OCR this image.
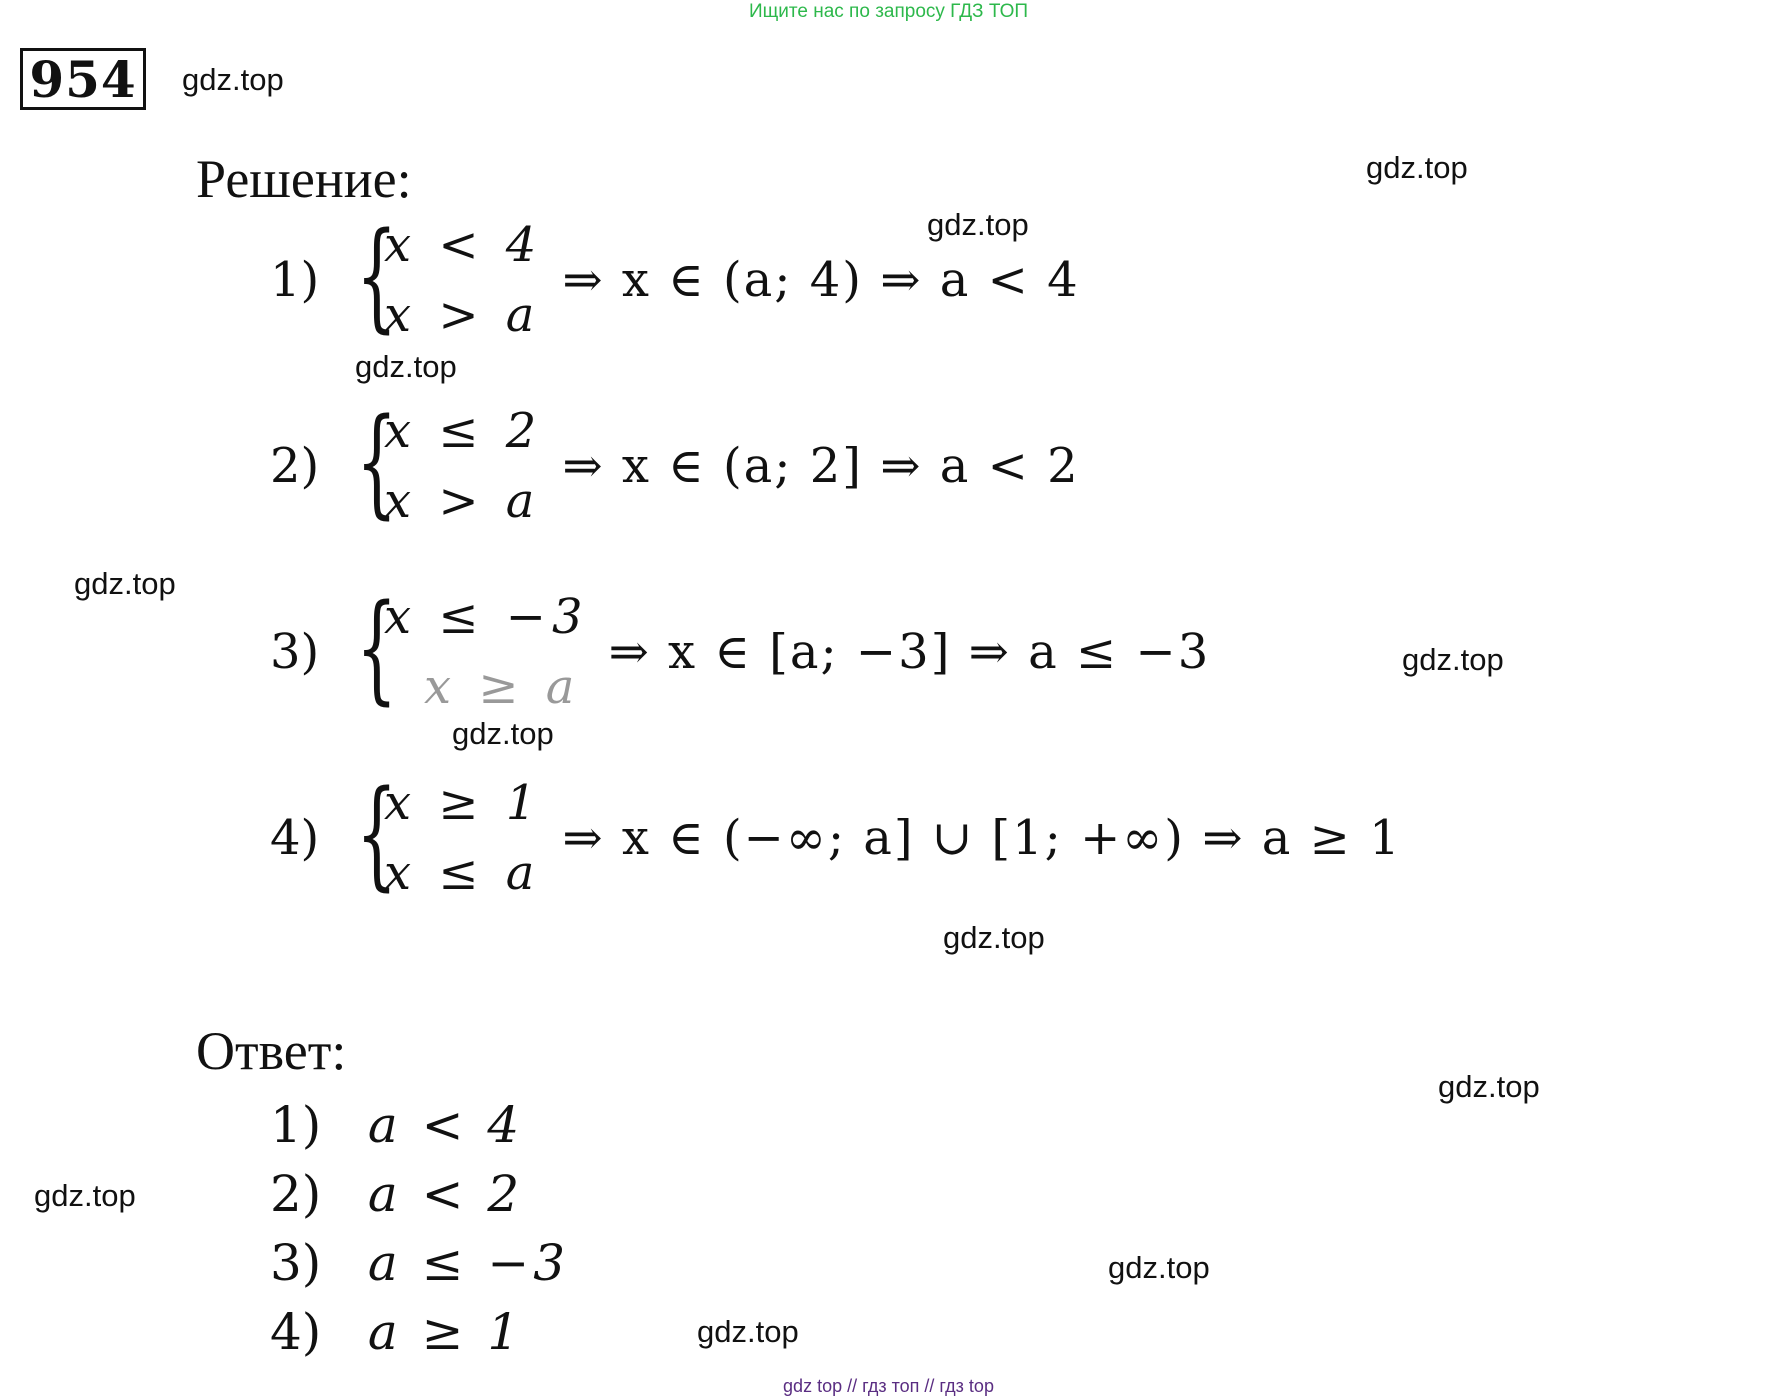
Ищите нас по запросу ГДЗ ТОП
954	gdz.top
gdz.top
gdz.top
gdz.top
gdz.top
gdz.top
gdz.top
gdz.top
gdz.top
gdz.top
gdz.top
gdz.top
Решение:
1) {
x < 4
x > a
⇒ x ∈ (a; 4) ⇒ a < 4
2) {
x ≤ 2
x > a
⇒ x ∈ (a; 2] ⇒ a < 2
3) {
x ≤ −3
x ≥ a
⇒ x ∈ [a; −3] ⇒ a ≤ −3
4) {
x ≥ 1
x ≤ a
⇒ x ∈ (−∞; a] ∪ [1; +∞) ⇒ a ≥ 1
Ответ:
1) a < 4
2) a < 2
3) a ≤ −3
4) a ≥ 1
gdz top // гдз топ // гдз top
